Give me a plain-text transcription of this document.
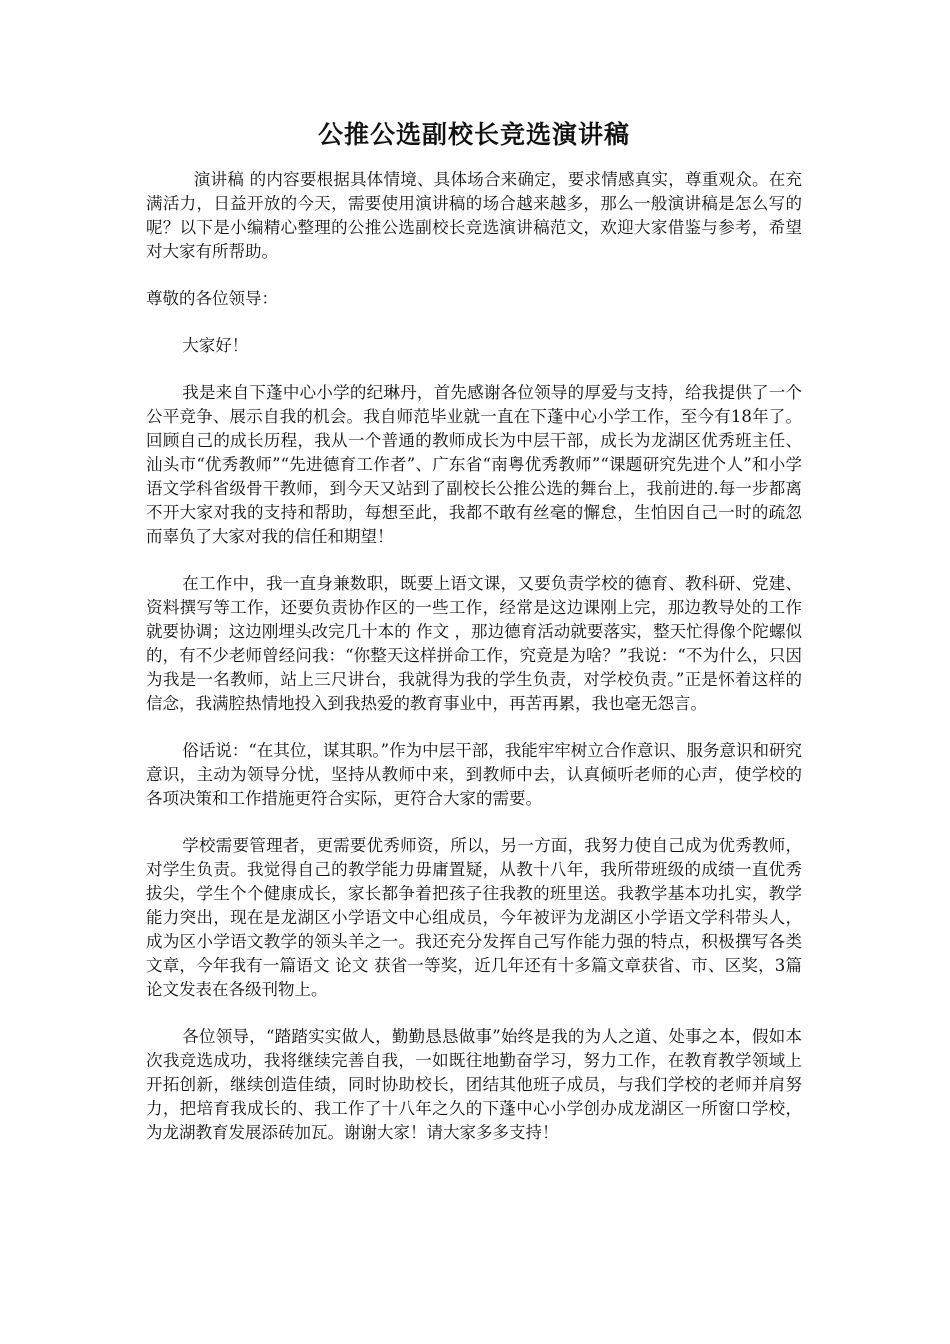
公推公选副校长竞选演讲稿

演讲稿 的内容要根据具体情境、具体场合来确定，要求情感真实，尊重观众。在充满活力，日益开放的今天，需要使用演讲稿的场合越来越多，那么一般演讲稿是怎么写的呢？以下是小编精心整理的公推公选副校长竞选演讲稿范文，欢迎大家借鉴与参考，希望对大家有所帮助。

尊敬的各位领导：

大家好！

我是来自下蓬中心小学的纪琳丹，首先感谢各位领导的厚爱与支持，给我提供了一个公平竞争、展示自我的机会。我自师范毕业就一直在下蓬中心小学工作，至今有18年了。回顾自己的成长历程，我从一个普通的教师成长为中层干部，成长为龙湖区优秀班主任、汕头市“优秀教师”“先进德育工作者”、广东省“南粤优秀教师”“课题研究先进个人”和小学语文学科省级骨干教师，到今天又站到了副校长公推公选的舞台上，我前进的.每一步都离不开大家对我的支持和帮助，每想至此，我都不敢有丝毫的懈怠，生怕因自己一时的疏忽而辜负了大家对我的信任和期望！

在工作中，我一直身兼数职，既要上语文课，又要负责学校的德育、教科研、党建、资料撰写等工作，还要负责协作区的一些工作，经常是这边课刚上完，那边教导处的工作就要协调；这边刚埋头改完几十本的 作文 ，那边德育活动就要落实，整天忙得像个陀螺似的，有不少老师曾经问我：“你整天这样拼命工作，究竟是为啥？”我说：“不为什么，只因为我是一名教师，站上三尺讲台，我就得为我的学生负责，对学校负责。”正是怀着这样的信念，我满腔热情地投入到我热爱的教育事业中，再苦再累，我也毫无怨言。

俗话说：“在其位，谋其职。”作为中层干部，我能牢牢树立合作意识、服务意识和研究意识，主动为领导分忧，坚持从教师中来，到教师中去，认真倾听老师的心声，使学校的各项决策和工作措施更符合实际，更符合大家的需要。

学校需要管理者，更需要优秀师资，所以，另一方面，我努力使自己成为优秀教师，对学生负责。我觉得自己的教学能力毋庸置疑，从教十八年，我所带班级的成绩一直优秀拔尖，学生个个健康成长，家长都争着把孩子往我教的班里送。我教学基本功扎实，教学能力突出，现在是龙湖区小学语文中心组成员，今年被评为龙湖区小学语文学科带头人，成为区小学语文教学的领头羊之一。我还充分发挥自己写作能力强的特点，积极撰写各类文章，今年我有一篇语文 论文 获省一等奖，近几年还有十多篇文章获省、市、区奖，3篇论文发表在各级刊物上。

各位领导，“踏踏实实做人，勤勤恳恳做事”始终是我的为人之道、处事之本，假如本次我竞选成功，我将继续完善自我，一如既往地勤奋学习，努力工作，在教育教学领域上开拓创新，继续创造佳绩，同时协助校长，团结其他班子成员，与我们学校的老师并肩努力，把培育我成长的、我工作了十八年之久的下蓬中心小学创办成龙湖区一所窗口学校，为龙湖教育发展添砖加瓦。谢谢大家！请大家多多支持！
